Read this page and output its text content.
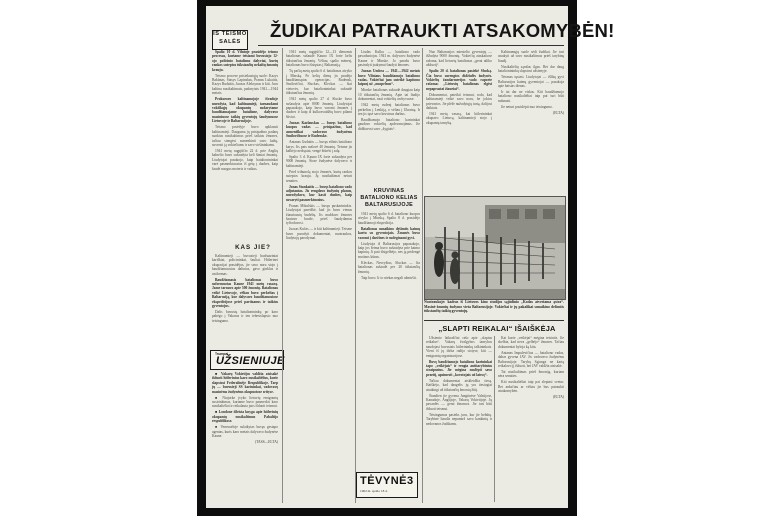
IŠ TEISMO
SALĖS
ŽUDIKAI PATRAUKTI ATSAKOMYBĖN!

Spalio 10 d. Vilniuje prasidėjo teismo procesas, kuriame teisiami buvusiojo 12-ojo policinio bataliono dalyviai, kurių rankos suteptos tūkstančių nekaltų žmonių krauju.

Teismo procese prisiekusiųjų suole: Kazys Bakūnas, Stasys Lapinskas, Pranas Lukaitis, Kazys Rudaitis, Juozas Aleksynas ir kiti. Juos kaltina nusikaltimais, padarytais 1941—1944 metais.

Prokuroro kaltinamojoje išvadoje nurodyta, kad kaltinamieji, tarnaudami vokiškųjų okupantų sudarytame baudžiamajame batalione, dalyvavo masiniuose taikių gyventojų šaudymuose Lietuvoje ir Baltarusijoje.

Teismo posėdyje buvo apklausti kaltinamieji. Dauguma jų prisipažino padarę sunkius nusikaltimus prieš taikius žmones, tačiau stengėsi sumenkinti savo kaltę, suversti ją vokiečiams ir savo viršininkams.

1941 metų rugpjūčio 22 d. prie Anglių kalnelio buvo sušaudyta keli šimtai žmonių. Liudytojai pasakojo, kaip batalionininkai varė pasmerktuosius iš getų į duobes, kaip šaudė nuogus moteris ir vaikus.

KAS JIE?

Kaltinamieji — buvusieji buržuaziniai kariškiai, policininkai, šauliai. Hitlerinei okupacijai prasidėjus, jie savo noru stojo į baudžiamuosius dalinius, gavo ginklus ir uniformas.

Baudžiamasis batalionas buvo suformuotas Kaune 1941 metų vasarą. Jame tarnavo apie 500 žmonių. Batalionas veikė Lietuvoje, vėliau buvo perkeltas į Baltarusiją, kur dalyvavo baudžiamosiose ekspedicijose prieš partizanus ir taikius gyventojus.

Dalis buvusių batalionininkų po karo pabėgo į Vakarus ir ten tebesislapsto nuo teisingumo.

Trumpai
UŽSIENIUJE

■ Vakarų Vokietijos valdžia atsisakė išduoti hitlerinius karo nusikaltėlius, kurie slapstosi Federalinėje Respublikoje. Tarp jų — buvusieji SS karininkai, vadovavę masinėms žudynėms okupuotose srityse.

■ Niujorke įvyko lietuvių emigrantų susirinkimas, kuriame buvo pasmerkti karo nusikaltėliai ir reikalauta juos išduoti teismui.

■ Londone išleista knyga apie hitlerinių okupantų nusikaltimus Pabaltijo respublikose.

■ Venesueloje sulaikytas buvęs gestapo agentas, kuris karo metais dalyvavo žudynėse Kaune.

(TASS—ELTA)

1941 metų rugpjūčio 12—13 dienomis batalionas sušaudė Kauno IX forte kelis tūkstančius žmonių. Vėliau, spalio mėnesį, batalionas buvo išsiųstas į Baltarusiją.

Tų pačių metų spalio 6 d. batalionas atvyko į Minską. Po kelių dienų jis pradėjo baudžiamąsias operacijas. Rudensk, Smilovičiai, Sluckas, Kleckas — štai vietovės, kur batalionininkai sušaudė tūkstančius žmonių.

1941 metų spalio 27 d. Slucke buvo sušaudyta apie 8000 žmonių. Liudytojai papasakojo, kaip buvo varomi žmonės į duobes ir kaip iš kulkosvaidžių buvo pilami šūviai.

Juozas Kazlauskas — buvęs bataliono kuopos vadas — prisipažino, kad asmeniškai vadovavo žudynėms Smilovičiuose ir Rudenske.

Antanas Gudaitis — buvęs eilinis bataliono karys. Jis pats nušovė 40 žmonių. Teisme jis kalbėjo nedrąsiai, vengė žiūrėti į salę.

Spalio 3 d. Kauno IX forte sušaudyta per 9000 žmonių. Šiose žudynėse dalyvavo ir kaltinamieji.

Prieš tribunolą stojo žmonės, kurių rankos suteptos krauju. Jų nusikaltimai neturi senaties.

Jonas Stankaitis — buvęs bataliono vado adjutantas. Jis rengdavo žudynių planus, nurodydavo, kur kasti duobes, kaip suvaryti pasmerktuosius.

Pranas Mikulskis — buvęs puskarininkis. Liudytojai pareiškė, kad jis buvo vienas žiauriausių budelių. Jis mušdavo žmones šautuvo buože, prieš šaudydamas tyčiodavosi.

Juozas Kučas — ir kiti kaltinamieji. Teisme buvo parodyti dokumentai, nuotraukos, liudytojų parodymai.

Liudas Kulka — bataliono vado pavaduotojas. 1941 m. dalyvavo žudynėse Kaune ir Minske. Jo parašu buvo pasirašyti įsakymai šaudyti žmones.

Juozas Umbra — 1941—1942 metais buvo Vilniaus baudžiamojo bataliono vadas. Vokiečiai jam suteikė kapitono laipsnį už „nuopelnus“.

Minske batalionas sušaudė daugiau kaip 10 tūkstančių žmonių. Apie tai liudijo dokumentai, rasti vokiečių archyvuose.

1942 metų rudenį batalionas buvo perkeltas į Lenkiją, o vėliau į Ukrainą. Ir ten jis tęsė savo kruvinus darbus.

Baudžiamojo bataliono karininkai gaudavo vokiečių apdovanojimus. Jie didžiavosi savo „žygiais“.

KRUVINAS
BATALIONO KELIAS
BALTARUSIJOJE

1941 metų spalio 6 d. bataliono kuopos atvyko į Minską. Spalio 8 d. prasidėjo baudžiamoji ekspedicija.

Batalionas sunaikino dešimtis kaimų kartu su gyventojais. Žmonės buvo varomi į daržines ir sudeginami gyvi.

Liudytoja iš Baltarusijos papasakojo, kaip jos šeima buvo sušaudyta prie kaimo kapinių. Ji pati išsigelbėjo, nes ją pridengė motinos kūnas.

Kleckas, Nesvyžius, Sluckas — čia batalionas sušaudė per 20 tūkstančių žmonių.

Taip buvo. Ir to niekas negali užmiršti.

TĖVYNĖ3
1962 m. spalio 18 d.

Nuo Baltarusijos miestelio gyventojų — išžudyta 9000 žmonių. Vokiečių ataskaitose rašoma, kad lietuvių batalionas „gerai atliko užduotį“.

Spalio 20 d. batalionas pasiekė Slucką. Čia buvo surengtos didžiulės žudynės. Vokiečių žandarmerijos vado raporte rašoma: „Lietuvių batalionas elgėsi nepaprastai žiauriai“.

Dokumentai, pateikti teismui, rodo, kad kaltinamieji veikė savo noru, be jokios prievartos. Jie plėšė nužudytųjų turtą, dalijosi daiktais.

1941 metų vasarą, kai hitlerininkai okupavo Lietuvą, kaltinamieji stojo į okupantų tarnybą.

Kaltinamųjų suole sėdi žudikai. Jie turi atsakyti už savo nusikaltimus prieš tarybinę liaudį.

Nusikaltėlių sąrašas ilgas. Bet dar daug batalionininkų slapstosi užsienyje.

Teismas tęsiasi. Liudytojai — išlikę gyvi Baltarusijos kaimų gyventojai — pasakoja apie baisias dienas.

Ir tai dar ne viskas. Kiti baudžiamojo bataliono nusikaltėliai taip pat turi būti nubausti.

Jie neturi pasislėpti nuo teisingumo.

(ELTA)
Nuotraukoje: kadras iš Lietuvos kino studijos sąjūdinio „Kodas atveriama ąstra“. Masinė žmonių žudymo vieta Baltarusijoje. Vokiečiai ir jų pakalikai sunaikino dešimtis tūkstančių taikių gyventojų.
„SLAPTI REIKALAI“ IŠAIŠKĖJA

Užsienio laikraščiai rašo apie „slaptus reikalus“. Vakarų žvalgybos tarnybos naudojasi buvusiais hitlerininkų talkininkais. Vieni iš jų dirba radijo stotyse, kiti — emigrantų organizacijose.

Buvę baudžiamojo bataliono karininkai tapo „veikėjais“ ir rengia antitarybinius straipsnius. Jie mėgina nuslėpti savo praeitį, apsimesti „kovotojais už laisvę“.

Tačiau dokumentai atskleidžia tiesą. Išaiškėjo, kad daugelis jų yra tiesiogiai atsakingi už tūkstančių žmonių žūtį.

Šiandien jie gyvena Jungtinėse Valstijose, Kanadoje, Anglijoje, Vakarų Vokietijoje. Jų pavardės — gerai žinomos. Jie turi būti išduoti teismui.

Teisingumas pasieks juos, kur jie bebūtų. Tarybinė liaudis nepamirš savo kankinių ir nedovanos žudikams.

Kai kurie „veikėjai“ mėgina teisintis. Jie skelbia, kad neva „gelbėjo“ žmones. Tačiau dokumentai byloja ką kita.

Antanas Impulevičius — bataliono vadas, dabar gyvena JAV. Jis vadovavo žudynėms Baltarusijoje. Tarybų Sąjunga ne kartą reikalavo jį išduoti, bet JAV valdžia atsisakė.

Tai nusikaltimas prieš žmoniją, kuriam nėra senaties.

Kiti nusikaltėliai taip pat slepiasi svetur. Bet anksčiau ar vėliau jie bus patraukti atsakomybėn.

(ELTA)
